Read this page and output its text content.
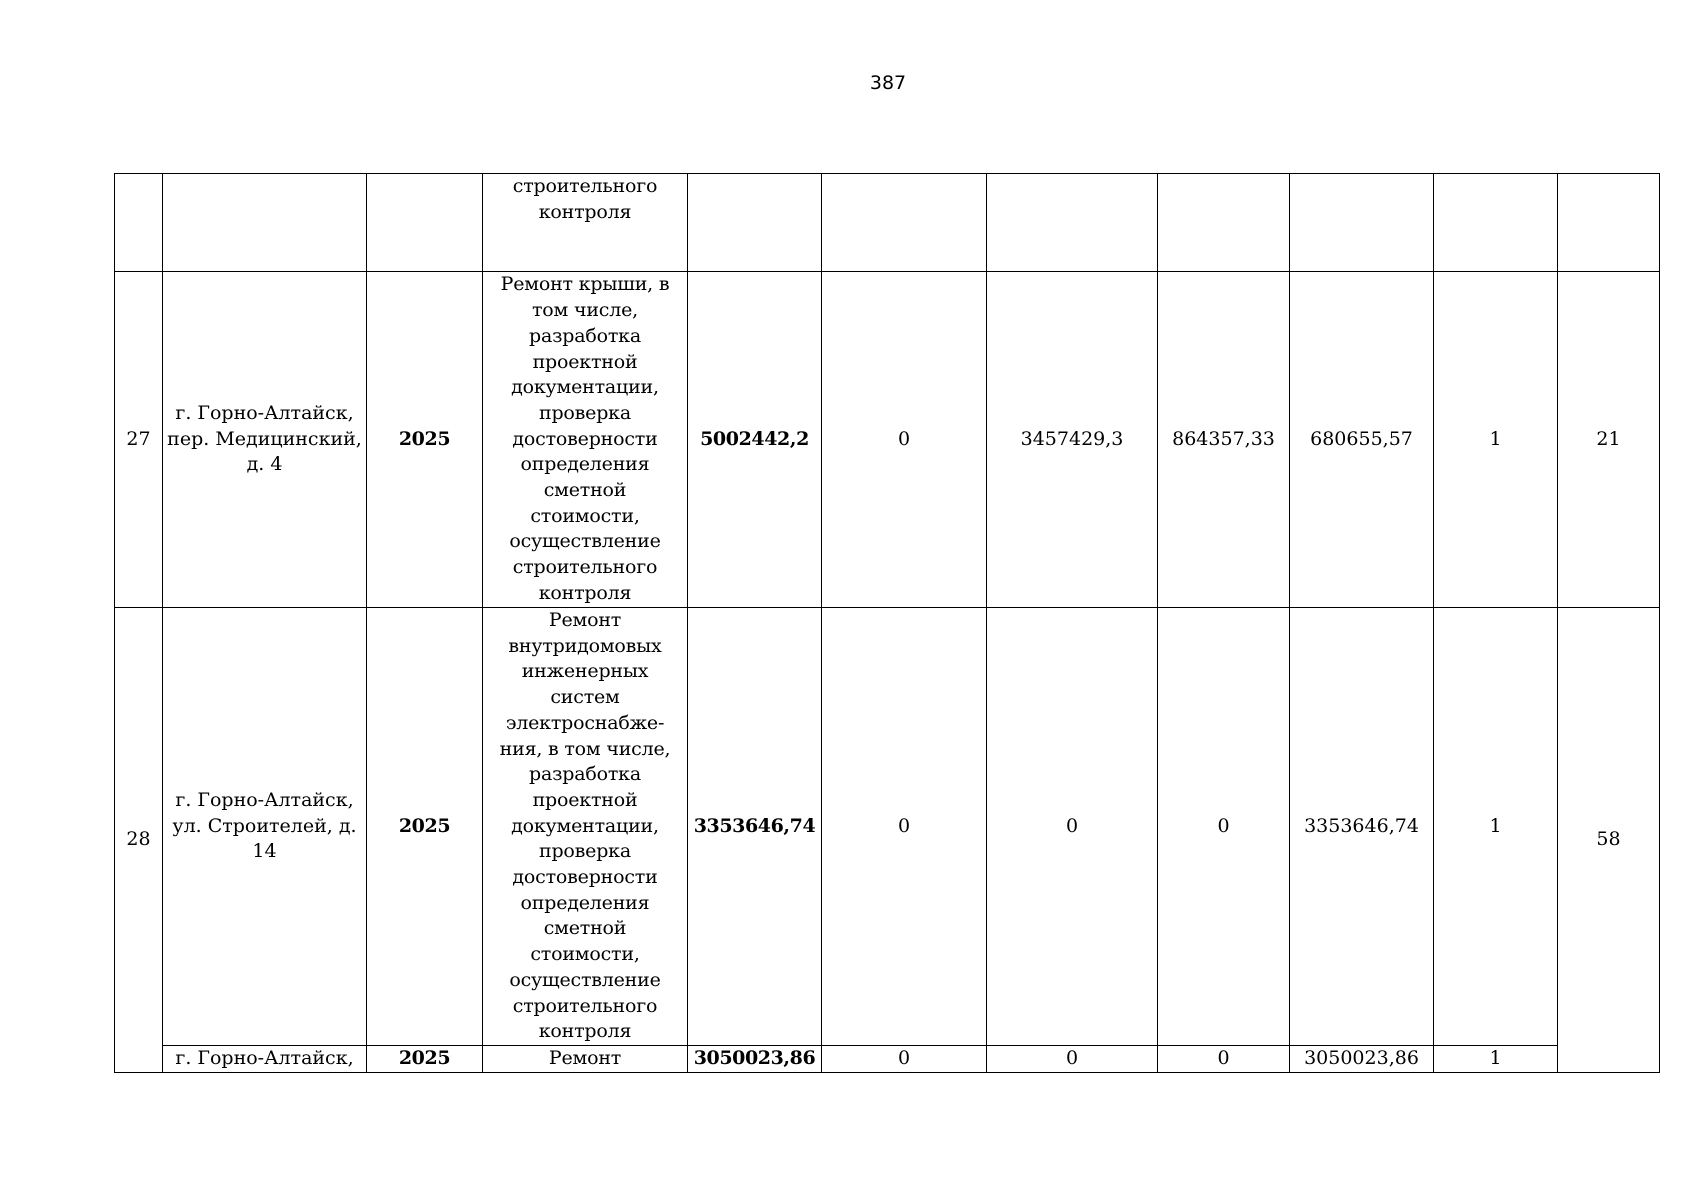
387
			строительного контроля							
27	г. Горно-Алтайск, пер. Медицинский, д. 4	2025	Ремонт крыши, в том числе, разработка проектной документации, проверка достоверности определения сметной стоимости, осуществление строительного контроля	5002442,2	0	3457429,3	864357,33	680655,57	1	21
28	г. Горно-Алтайск, ул. Строителей, д. 14	2025	Ремонт внутридомовых инженерных систем электроснабже-ния, в том числе, разработка проектной документации, проверка достоверности определения сметной стоимости, осуществление строительного контроля	3353646,74	0	0	0	3353646,74	1	58
	г. Горно-Алтайск,	2025	Ремонт	3050023,86	0	0	0	3050023,86	1	
